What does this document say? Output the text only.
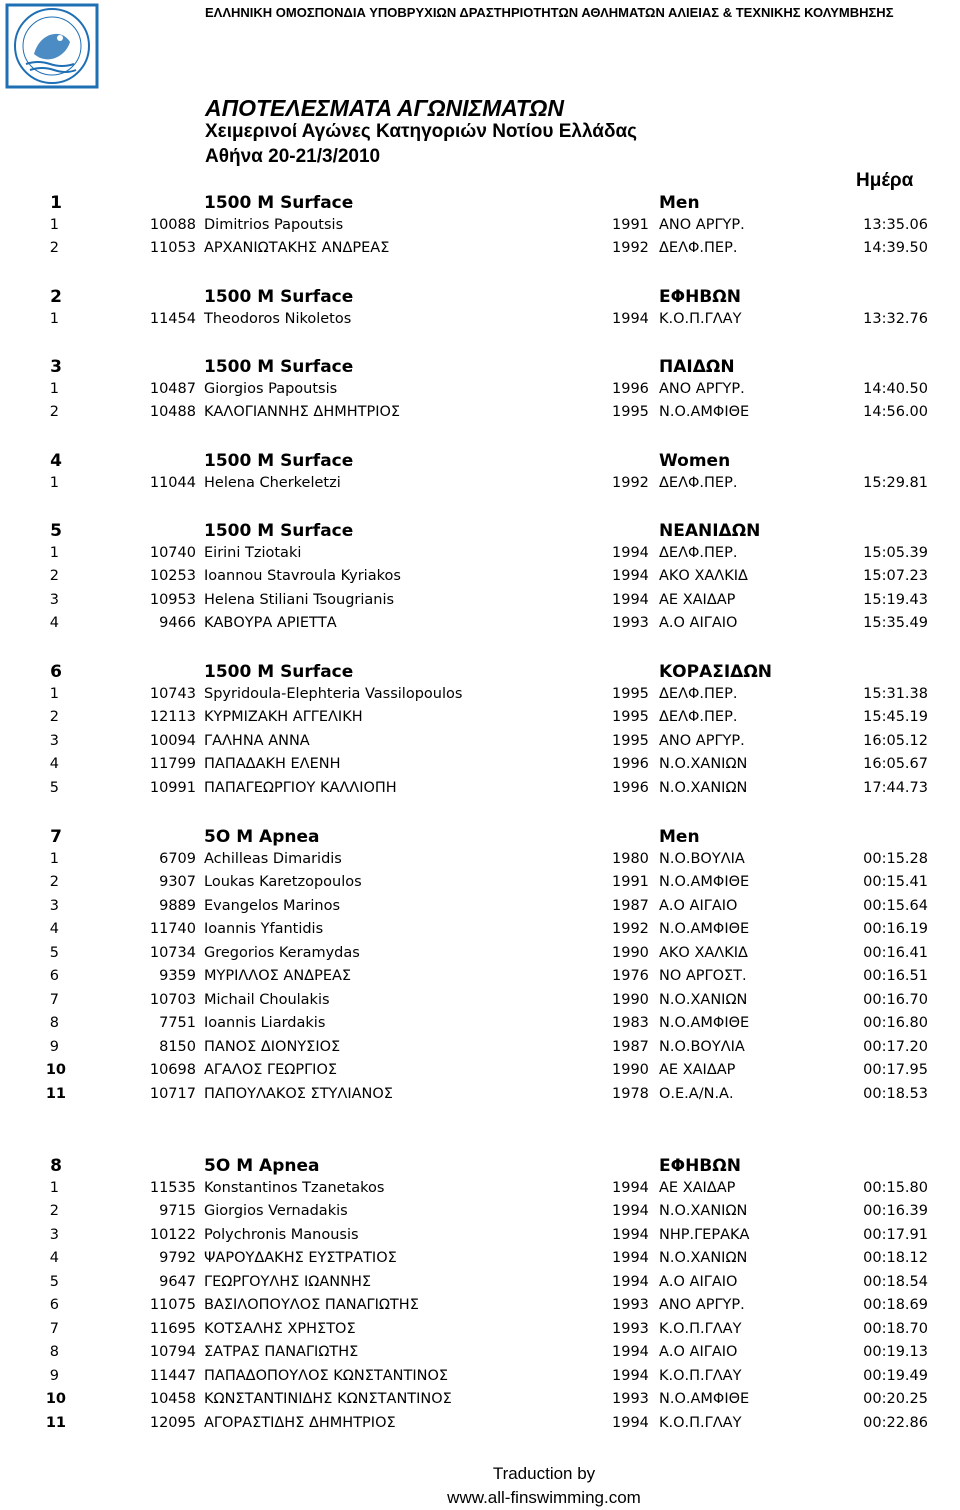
ΕΛΛΗΝΙΚΗ ΟΜΟΣΠΟΝΔΙΑ ΥΠΟΒΡΥΧΙΩΝ ΔΡΑΣΤΗΡΙΟΤΗΤΩΝ ΑΘΛΗΜΑΤΩΝ ΑΛΙΕΙΑΣ & ΤΕΧΝΙΚΗΣ ΚΟΛΥΜΒΗΣΗΣ
ΑΠΟΤΕΛΕΣΜΑΤΑ ΑΓΩΝΙΣΜΑΤΩΝ
Χειμερινοί Αγώνες Κατηγοριών Νοτίου Ελλάδας
Αθήνα 20-21/3/2010
Ημέρα
1	1500 M Surface	Men
1	10088 Dimitrios Papoutsis	1991 ΑΝΟ ΑΡΓΥΡ.	13:35.06
2	11053 ΑΡΧΑΝΙΩΤΑΚΗΣ ΑΝΔΡΕΑΣ	1992 ΔΕΛΦ.ΠΕΡ.	14:39.50
2	1500 M Surface	ΕΦΗΒΩΝ
1	11454 Theodoros Nikoletos	1994 Κ.Ο.Π.ΓΛΑΥ	13:32.76
3	1500 M Surface	ΠΑΙΔΩΝ
1	10487 Giorgios Papoutsis	1996 ΑΝΟ ΑΡΓΥΡ.	14:40.50
2	10488 ΚΑΛΟΓΙΑΝΝΗΣ ΔΗΜΗΤΡΙΟΣ	1995 Ν.Ο.ΑΜΦΙΘΕ	14:56.00
4	1500 M Surface	Women
1	11044 Helena Cherkeletzi	1992 ΔΕΛΦ.ΠΕΡ.	15:29.81
5	1500 M Surface	ΝΕΑΝΙΔΩΝ
1	10740 Eirini Tziotaki	1994 ΔΕΛΦ.ΠΕΡ.	15:05.39
2	10253 Ioannou Stavroula Kyriakos	1994 ΑΚΟ ΧΑΛΚΙΔ	15:07.23
3	10953 Helena Stiliani Tsougrianis	1994 ΑΕ ΧΑΙΔΑΡ	15:19.43
4	9466 ΚΑΒΟΥΡΑ ΑΡΙΕΤΤΑ	1993 Α.Ο ΑΙΓΑΙΟ	15:35.49
6	1500 M Surface	ΚΟΡΑΣΙΔΩΝ
1	10743 Spyridoula-Elephteria Vassilopoulos	1995 ΔΕΛΦ.ΠΕΡ.	15:31.38
2	12113 ΚΥΡΜΙΖΑΚΗ ΑΓΓΕΛΙΚΗ	1995 ΔΕΛΦ.ΠΕΡ.	15:45.19
3	10094 ΓΑΛΗΝΑ ΑΝΝΑ	1995 ΑΝΟ ΑΡΓΥΡ.	16:05.12
4	11799 ΠΑΠΑΔΑΚΗ ΕΛΕΝΗ	1996 Ν.Ο.ΧΑΝΙΩΝ	16:05.67
5	10991 ΠΑΠΑΓΕΩΡΓΙΟΥ ΚΑΛΛΙΟΠΗ	1996 Ν.Ο.ΧΑΝΙΩΝ	17:44.73
7	5O M Apnea	Men
1	6709 Achilleas Dimaridis	1980 Ν.Ο.ΒΟΥΛΙΑ	00:15.28
2	9307 Loukas Karetzopoulos	1991 Ν.Ο.ΑΜΦΙΘΕ	00:15.41
3	9889 Evangelos Marinos	1987 Α.Ο ΑΙΓΑΙΟ	00:15.64
4	11740 Ioannis Yfantidis	1992 Ν.Ο.ΑΜΦΙΘΕ	00:16.19
5	10734 Gregorios Keramydas	1990 ΑΚΟ ΧΑΛΚΙΔ	00:16.41
6	9359 ΜΥΡΙΛΛΟΣ ΑΝΔΡΕΑΣ	1976 ΝΟ ΑΡΓΟΣΤ.	00:16.51
7	10703 Michail Choulakis	1990 Ν.Ο.ΧΑΝΙΩΝ	00:16.70
8	7751 Ioannis Liardakis	1983 Ν.Ο.ΑΜΦΙΘΕ	00:16.80
9	8150 ΠΑΝΟΣ ΔΙΟΝΥΣΙΟΣ	1987 Ν.Ο.ΒΟΥΛΙΑ	00:17.20
10	10698 ΑΓΑΛΟΣ ΓΕΩΡΓΙΟΣ	1990 ΑΕ ΧΑΙΔΑΡ	00:17.95
11	10717 ΠΑΠΟΥΛΑΚΟΣ ΣΤΥΛΙΑΝΟΣ	1978 Ο.Ε.Α/Ν.Α.	00:18.53
8	5O M Apnea	ΕΦΗΒΩΝ
1	11535 Konstantinos Tzanetakos	1994 ΑΕ ΧΑΙΔΑΡ	00:15.80
2	9715 Giorgios Vernadakis	1994 Ν.Ο.ΧΑΝΙΩΝ	00:16.39
3	10122 Polychronis Manousis	1994 ΝΗΡ.ΓΕΡΑΚΑ	00:17.91
4	9792 ΨΑΡΟΥΔΑΚΗΣ ΕΥΣΤΡΑΤΙΟΣ	1994 Ν.Ο.ΧΑΝΙΩΝ	00:18.12
5	9647 ΓΕΩΡΓΟΥΛΗΣ ΙΩΑΝΝΗΣ	1994 Α.Ο ΑΙΓΑΙΟ	00:18.54
6	11075 ΒΑΣΙΛΟΠΟΥΛΟΣ ΠΑΝΑΓΙΩΤΗΣ	1993 ΑΝΟ ΑΡΓΥΡ.	00:18.69
7	11695 ΚΟΤΣΑΛΗΣ ΧΡΗΣΤΟΣ	1993 Κ.Ο.Π.ΓΛΑΥ	00:18.70
8	10794 ΣΑΤΡΑΣ ΠΑΝΑΓΙΩΤΗΣ	1994 Α.Ο ΑΙΓΑΙΟ	00:19.13
9	11447 ΠΑΠΑΔΟΠΟΥΛΟΣ ΚΩΝΣΤΑΝΤΙΝΟΣ	1994 Κ.Ο.Π.ΓΛΑΥ	00:19.49
10	10458 ΚΩΝΣΤΑΝΤΙΝΙΔΗΣ ΚΩΝΣΤΑΝΤΙΝΟΣ	1993 Ν.Ο.ΑΜΦΙΘΕ	00:20.25
11	12095 ΑΓΟΡΑΣΤΙΔΗΣ ΔΗΜΗΤΡΙΟΣ	1994 Κ.Ο.Π.ΓΛΑΥ	00:22.86
Traduction by
www.all-finswimming.com
